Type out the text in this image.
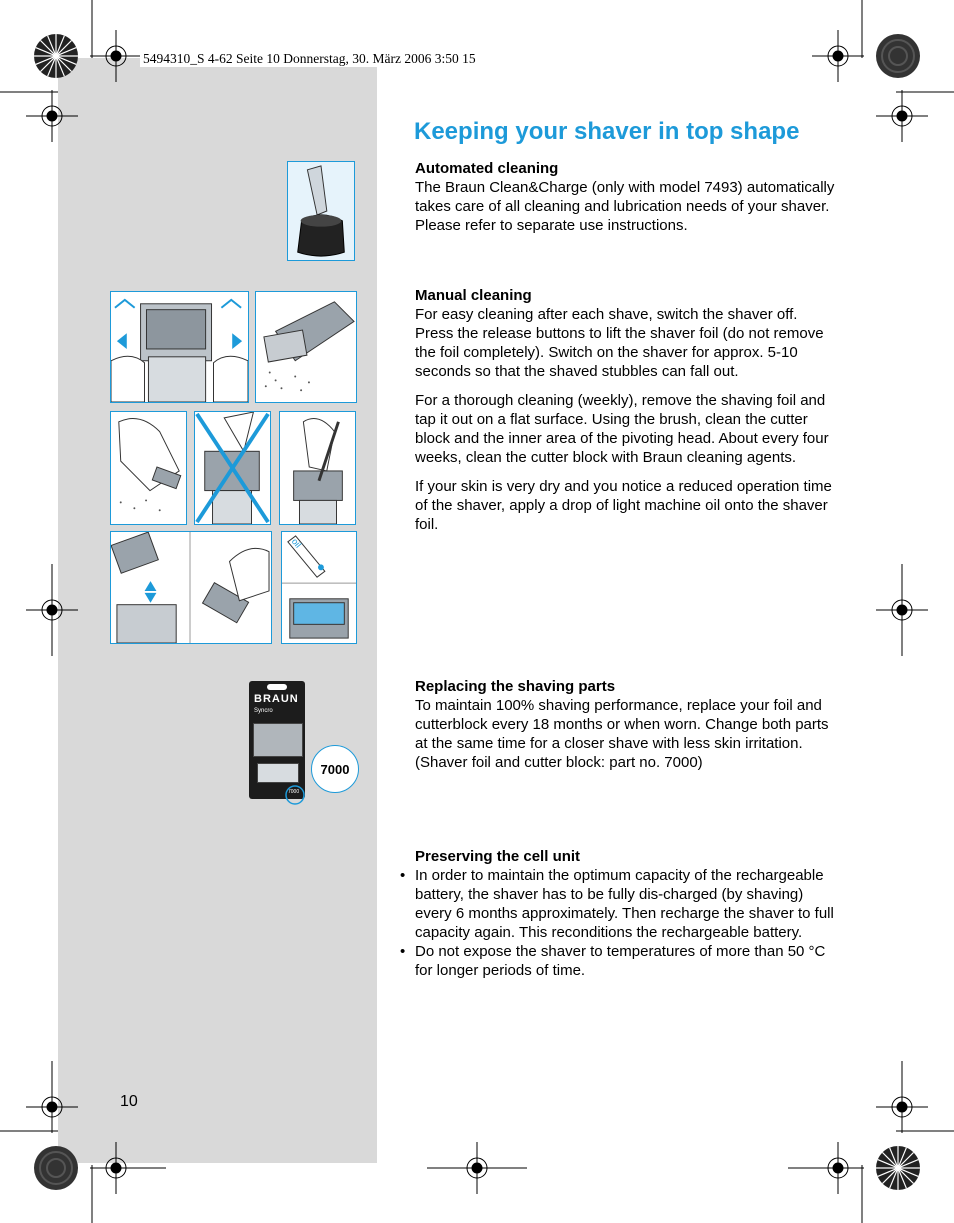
5494310_S 4-62 Seite 10 Donnerstag, 30. März 2006 3:50 15
Keeping your shaver in top shape
oil
BRAUN
Syncro
7000
7000
Automated cleaning

The Braun Clean&Charge (only with model 7493) automatically takes care of all cleaning and lubrication needs of your shaver. Please refer to separate use instructions.

Manual cleaning

For easy cleaning after each shave, switch the shaver off. Press the release buttons to lift the shaver foil (do not remove the foil completely). Switch on the shaver for approx. 5-10 seconds so that the shaved stubbles can fall out.

For a thorough cleaning (weekly), remove the shaving foil and tap it out on a flat surface. Using the brush, clean the cutter block and the inner area of the pivoting head. About every four weeks, clean the cutter block with Braun cleaning agents.

If your skin is very dry and you notice a reduced operation time of the shaver, apply a drop of light machine oil onto the shaver foil.

Replacing the shaving parts

To maintain 100% shaving performance, replace your foil and cutterblock every 18 months or when worn. Change both parts at the same time for a closer shave with less skin irritation.

(Shaver foil and cutter block: part no. 7000)

Preserving the cell unit
• In order to maintain the optimum capacity of the rechargeable battery, the shaver has to be fully dis-charged (by shaving) every 6 months approximately. Then recharge the shaver to full capacity again. This reconditions the rechargeable battery.
• Do not expose the shaver to temperatures of more than 50 °C for longer periods of time.
10
